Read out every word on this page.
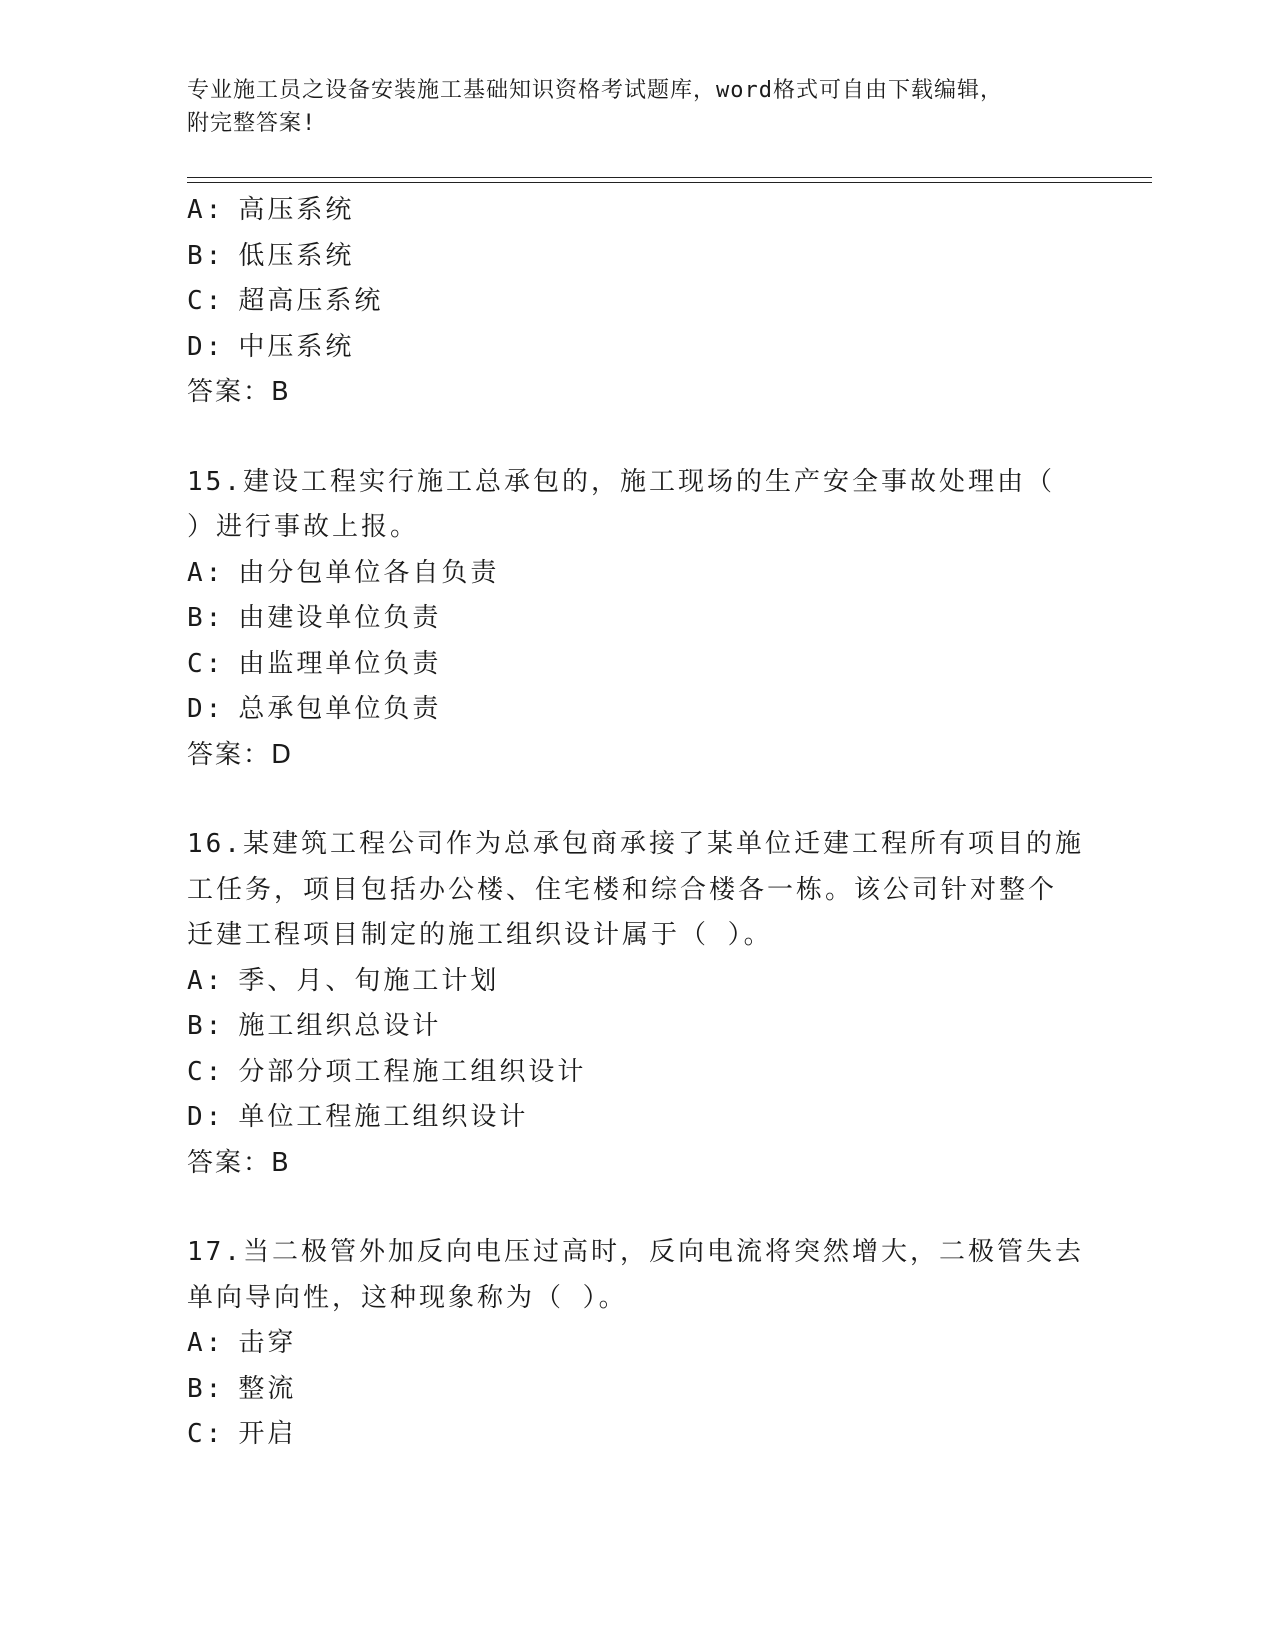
专业施工员之设备安装施工基础知识资格考试题库，word格式可自由下载编辑，
附完整答案!
A: 高压系统
B: 低压系统
C: 超高压系统
D: 中压系统
答案：B
15.建设工程实行施工总承包的，施工现场的生产安全事故处理由（
）进行事故上报。
A: 由分包单位各自负责
B: 由建设单位负责
C: 由监理单位负责
D: 总承包单位负责
答案：D
16.某建筑工程公司作为总承包商承接了某单位迁建工程所有项目的施
工任务，项目包括办公楼、住宅楼和综合楼各一栋。该公司针对整个
迁建工程项目制定的施工组织设计属于（ ）。
A: 季、月、旬施工计划
B: 施工组织总设计
C: 分部分项工程施工组织设计
D: 单位工程施工组织设计
答案：B
17.当二极管外加反向电压过高时，反向电流将突然增大，二极管失去
单向导向性，这种现象称为（ ）。
A: 击穿
B: 整流
C: 开启
